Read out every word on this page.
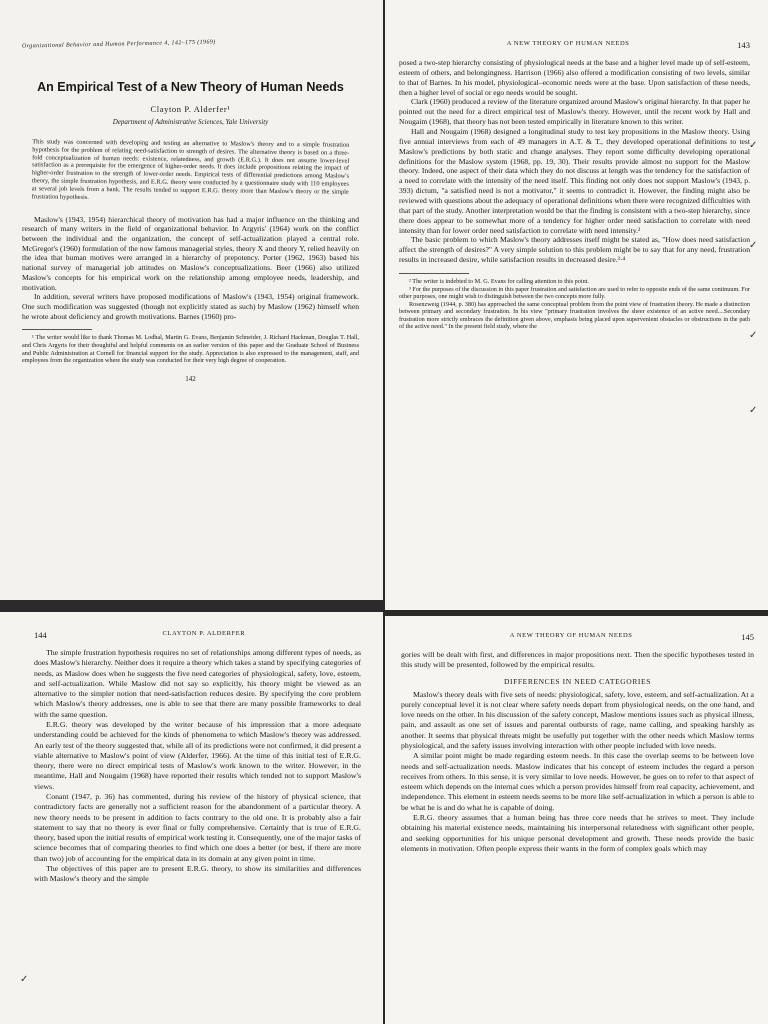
Organizational Behavior and Human Performance 4, 142–175 (1969)
An Empirical Test of a New Theory of Human Needs
Clayton P. Alderfer¹
Department of Administrative Sciences, Yale University
This study was concerned with developing and testing an alternative to Maslow's theory and to a simple frustration hypothesis for the problem of relating need-satisfaction to strength of desires. The alternative theory is based on a three-fold conceptualization of human needs: existence, relatedness, and growth (E.R.G.). It does not assume lower-level satisfaction as a prerequisite for the emergence of higher-order needs. It does include propositions relating the impact of higher-order frustration to the strength of lower-order needs. Empirical tests of differential predictions among Maslow's theory, the simple frustration hypothesis, and E.R.G. theory were conducted by a questionnaire study with 110 employees at several job levels from a bank. The results tended to support E.R.G. theory more than Maslow's theory or the simple frustration hypothesis.

Maslow's (1943, 1954) hierarchical theory of motivation has had a major influence on the thinking and research of many writers in the field of organizational behavior. In Argyris' (1964) work on the conflict between the individual and the organization, the concept of self-actualization played a central role. McGregor's (1960) formulation of the now famous managerial styles, theory X and theory Y, relied heavily on the idea that human motives were arranged in a hierarchy of prepotency. Porter (1962, 1963) based his national survey of managerial job attitudes on Maslow's conceptualizations. Beer (1966) also utilized Maslow's concepts for his empirical work on the relationship among employee needs, leadership, and motivation.

In addition, several writers have proposed modifications of Maslow's (1943, 1954) original framework. One such modification was suggested (though not explicitly stated as such) by Maslow (1962) himself when he wrote about deficiency and growth motivations. Barnes (1960) pro-

¹ The writer would like to thank Thomas M. Lodhal, Martin G. Evans, Benjamin Schneider, J. Richard Hackman, Douglas T. Hall, and Chris Argyris for their thoughtful and helpful comments on an earlier version of this paper and the Graduate School of Business and Public Administration at Cornell for financial support for the study. Appreciation is also expressed to the management, staff, and employees from the organization where the study was conducted for their very high degree of cooperation.

142
A NEW THEORY OF HUMAN NEEDS	143

posed a two-step hierarchy consisting of physiological needs at the base and a higher level made up of self-esteem, esteem of others, and belongingness. Harrison (1966) also offered a modification consisting of two levels, similar to that of Barnes. In his model, physiological–economic needs were at the base. Upon satisfaction of these needs, then a higher level of social or ego needs would be sought.

Clark (1960) produced a review of the literature organized around Maslow's original hierarchy. In that paper he pointed out the need for a direct empirical test of Maslow's theory. However, until the recent work by Hall and Nougaim (1968), that theory has not been tested empirically in literature known to this writer.

Hall and Nougaim (1968) designed a longitudinal study to test key propositions in the Maslow theory. Using five annual interviews from each of 49 managers in A.T. & T., they developed operational definitions to test Maslow's predictions by both static and change analyses. They report some difficulty developing operational definitions for the Maslow system (1968, pp. 19, 30). Their results provide almost no support for the Maslow theory. Indeed, one aspect of their data which they do not discuss at length was the tendency for the satisfaction of a need to correlate with the intensity of the need itself. This finding not only does not support Maslow's (1943, p. 393) dictum, "a satisfied need is not a motivator," it seems to contradict it. However, the finding might also be reviewed with questions about the adequacy of operational definitions when there were recognized difficulties with that part of the study. Another interpretation would be that the finding is consistent with a two-step hierarchy, since there does appear to be somewhat more of a tendency for higher order need satisfaction to correlate with need intensity than for lower order need satisfaction to correlate with need intensity.²

The basic problem to which Maslow's theory addresses itself might be stated as, "How does need satisfaction affect the strength of desires?" A very simple solution to this problem might be to say that for any need, frustration results in increased desire, while satisfaction results in decreased desire.³·⁴

² The writer is indebted to M. G. Evans for calling attention to this point.

³ For the purposes of the discussion in this paper frustration and satisfaction are used to refer to opposite ends of the same continuum. For other purposes, one might wish to distinguish between the two concepts more fully.

Rosenzweig (1944, p. 380) has approached the same conceptual problem from the point view of frustration theory. He made a distinction between primary and secondary frustration. In his view "primary frustration involves the sheer existence of an active need....Secondary frustration more strictly embraces the definition given above, emphasis being placed upon supervenient obstacles or obstructions in the path of the active need." In the present field study, where the

✓
✓
✓
✓
144	CLAYTON P. ALDERFER

The simple frustration hypothesis requires no set of relationships among different types of needs, as does Maslow's hierarchy. Neither does it require a theory which takes a stand by specifying categories of needs, as Maslow does when he suggests the five need categories of physiological, safety, love, esteem, and self-actualization. While Maslow did not say so explicitly, his theory might be viewed as an alternative to the simpler notion that need-satisfaction reduces desire. By specifying the core problem which Maslow's theory addresses, one is able to see that there are many possible frameworks to deal with the same question.

E.R.G. theory was developed by the writer because of his impression that a more adequate understanding could be achieved for the kinds of phenomena to which Maslow's theory was addressed. An early test of the theory suggested that, while all of its predictions were not confirmed, it did present a viable alternative to Maslow's point of view (Alderfer, 1966). At the time of this initial test of E.R.G. theory, there were no direct empirical tests of Maslow's work known to the writer. However, in the meantime, Hall and Nougaim (1968) have reported their results which tended not to support Maslow's views.

Conant (1947, p. 36) has commented, during his review of the history of physical science, that contradictory facts are generally not a sufficient reason for the abandonment of a particular theory. A new theory needs to be present in addition to facts contrary to the old one. It is probably also a fair statement to say that no theory is ever final or fully comprehensive. Certainly that is true of E.R.G. theory, based upon the initial results of empirical work testing it. Consequently, one of the major tasks of science becomes that of comparing theories to find which one does a better (or best, if there are more than two) job of accounting for the empirical data in its domain at any given point in time.

The objectives of this paper are to present E.R.G. theory, to show its similarities and differences with Maslow's theory and the simple

✓
A NEW THEORY OF HUMAN NEEDS	145

gories will be dealt with first, and differences in major propositions next. Then the specific hypotheses tested in this study will be presented, followed by the empirical results.

DIFFERENCES IN NEED CATEGORIES

Maslow's theory deals with five sets of needs: physiological, safety, love, esteem, and self-actualization. At a purely conceptual level it is not clear where safety needs depart from physiological needs, on the one hand, and love needs on the other. In his discussion of the safety concept, Maslow mentions issues such as physical illness, pain, and assault as one set of issues and parental outbursts of rage, name calling, and speaking harshly as another. It seems that physical threats might be usefully put together with the other needs which Maslow terms physiological, and the safety issues involving interaction with other people included with love needs.

A similar point might be made regarding esteem needs. In this case the overlap seems to be between love needs and self-actualization needs. Maslow indicates that his concept of esteem includes the regard a person receives from others. In this sense, it is very similar to love needs. However, he goes on to refer to that aspect of esteem which depends on the internal cues which a person provides himself from real capacity, achievement, and independence. This element in esteem needs seems to be more like self-actualization in which a person is able to be what he is and do what he is capable of doing.

E.R.G. theory assumes that a human being has three core needs that he strives to meet. They include obtaining his material existence needs, maintaining his interpersonal relatedness with significant other people, and seeking opportunities for his unique personal development and growth. These needs provide the basic elements in motivation. Often people express their wants in the form of complex goals which may
